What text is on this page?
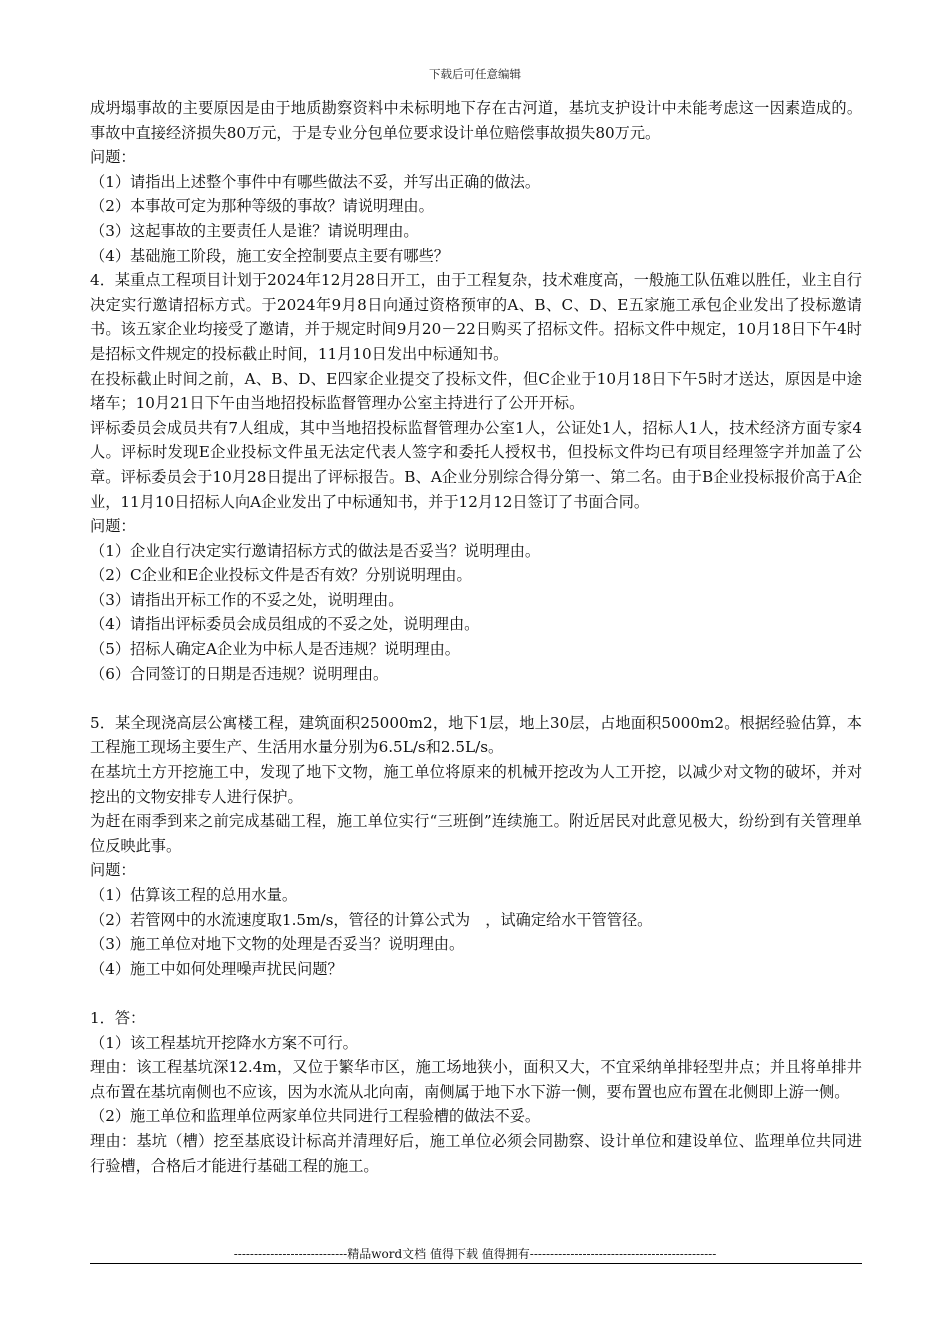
下载后可任意编辑

成坍塌事故的主要原因是由于地质勘察资料中未标明地下存在古河道，基坑支护设计中未能考虑这一因素造成的。事故中直接经济损失80万元，于是专业分包单位要求设计单位赔偿事故损失80万元。

问题：

（1）请指出上述整个事件中有哪些做法不妥，并写出正确的做法。

（2）本事故可定为那种等级的事故？请说明理由。

（3）这起事故的主要责任人是谁？请说明理由。

（4）基础施工阶段，施工安全控制要点主要有哪些？

4．某重点工程项目计划于2024年12月28日开工，由于工程复杂，技术难度高，一般施工队伍难以胜任，业主自行决定实行邀请招标方式。于2024年9月8日向通过资格预审的A、B、C、D、E五家施工承包企业发出了投标邀请书。该五家企业均接受了邀请，并于规定时间9月20－22日购买了招标文件。招标文件中规定，10月18日下午4时是招标文件规定的投标截止时间，11月10日发出中标通知书。

在投标截止时间之前，A、B、D、E四家企业提交了投标文件，但C企业于10月18日下午5时才送达，原因是中途堵车；10月21日下午由当地招投标监督管理办公室主持进行了公开开标。

评标委员会成员共有7人组成，其中当地招投标监督管理办公室1人，公证处1人，招标人1人，技术经济方面专家4人。评标时发现E企业投标文件虽无法定代表人签字和委托人授权书，但投标文件均已有项目经理签字并加盖了公章。评标委员会于10月28日提出了评标报告。B、A企业分别综合得分第一、第二名。由于B企业投标报价高于A企业，11月10日招标人向A企业发出了中标通知书，并于12月12日签订了书面合同。

问题：

（1）企业自行决定实行邀请招标方式的做法是否妥当？说明理由。

（2）C企业和E企业投标文件是否有效？分别说明理由。

（3）请指出开标工作的不妥之处，说明理由。

（4）请指出评标委员会成员组成的不妥之处，说明理由。

（5）招标人确定A企业为中标人是否违规？说明理由。

（6）合同签订的日期是否违规？说明理由。

5．某全现浇高层公寓楼工程，建筑面积25000m2，地下1层，地上30层，占地面积5000m2。根据经验估算，本工程施工现场主要生产、生活用水量分别为6.5L/s和2.5L/s。

在基坑土方开挖施工中，发现了地下文物，施工单位将原来的机械开挖改为人工开挖，以减少对文物的破坏，并对挖出的文物安排专人进行保护。

为赶在雨季到来之前完成基础工程，施工单位实行“三班倒”连续施工。附近居民对此意见极大，纷纷到有关管理单位反映此事。

问题：

（1）估算该工程的总用水量。

（2）若管网中的水流速度取1.5m/s，管径的计算公式为　，试确定给水干管管径。

（3）施工单位对地下文物的处理是否妥当？说明理由。

（4）施工中如何处理噪声扰民问题？

1．答：

（1）该工程基坑开挖降水方案不可行。

理由：该工程基坑深12.4m，又位于繁华市区，施工场地狭小，面积又大，不宜采纳单排轻型井点；并且将单排井点布置在基坑南侧也不应该，因为水流从北向南，南侧属于地下水下游一侧，要布置也应布置在北侧即上游一侧。

（2）施工单位和监理单位两家单位共同进行工程验槽的做法不妥。

理由：基坑（槽）挖至基底设计标高并清理好后，施工单位必须会同勘察、设计单位和建设单位、监理单位共同进行验槽，合格后才能进行基础工程的施工。

----------------------------精品word文档 值得下载 值得拥有----------------------------------------------
